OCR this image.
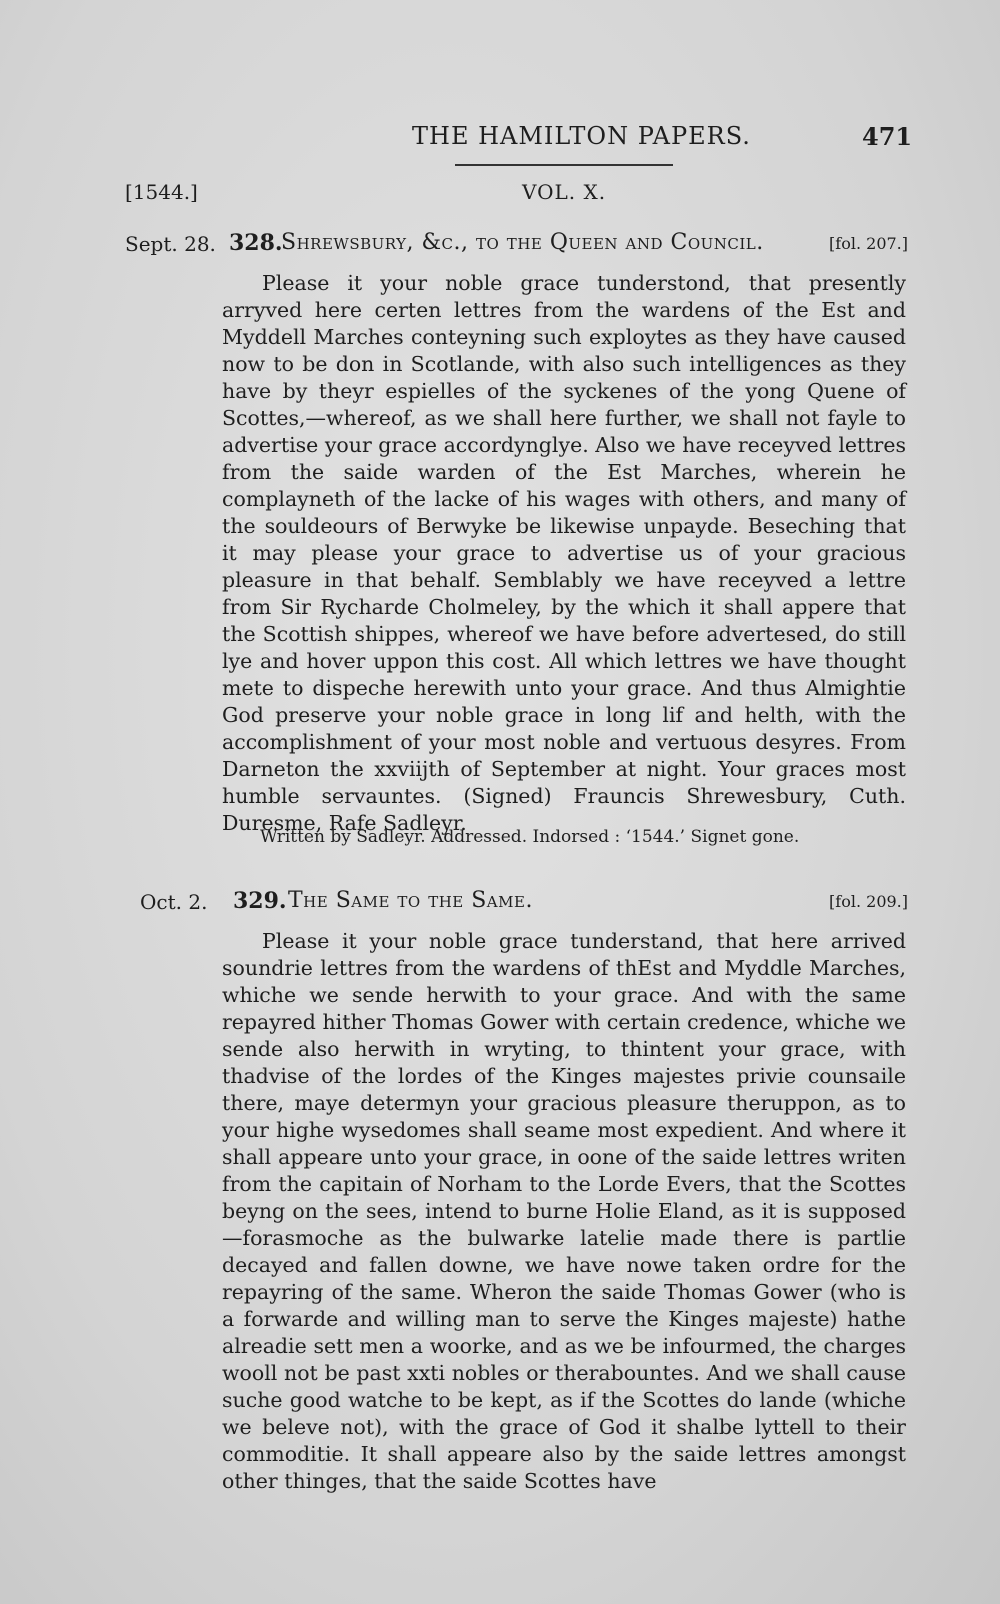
THE HAMILTON PAPERS.	471
[1544.]	VOL. X.
Sept. 28. 328.
Shrewsbury, &c., to the Queen and Council.	[fol. 207.]

Please it your noble grace tunderstond, that presently arryved here certen lettres from the wardens of the Est and Myddell Marches conteyning such exploytes as they have caused now to be don in Scotlande, with also such intelligences as they have by theyr espielles of the syckenes of the yong Quene of Scottes,—whereof, as we shall here further, we shall not fayle to advertise your grace accordynglye. Also we have receyved lettres from the saide warden of the Est Marches, wherein he complayneth of the lacke of his wages with others, and many of the souldeours of Berwyke be likewise unpayde. Beseching that it may please your grace to advertise us of your gracious pleasure in that behalf. Semblably we have receyved a lettre from Sir Rycharde Cholmeley, by the which it shall appere that the Scottish shippes, whereof we have before advertesed, do still lye and hover uppon this cost. All which lettres we have thought mete to dispeche herewith unto your grace. And thus Almightie God preserve your noble grace in long lif and helth, with the accomplishment of your most noble and vertuous desyres. From Darneton the xxviijth of September at night. Your graces most humble servauntes. (Signed) Frauncis Shrewesbury, Cuth. Duresme, Rafe Sadleyr.

Written by Sadleyr. Addressed. Indorsed : ‘1544.’ Signet gone.

Oct. 2. 329. The Same to the Same.	[fol. 209.]

Please it your noble grace tunderstand, that here arrived soundrie lettres from the wardens of thEst and Myddle Marches, whiche we sende herwith to your grace. And with the same repayred hither Thomas Gower with certain credence, whiche we sende also herwith in wryting, to thintent your grace, with thadvise of the lordes of the Kinges majestes privie counsaile there, maye determyn your gracious pleasure theruppon, as to your highe wysedomes shall seame most expedient. And where it shall appeare unto your grace, in oone of the saide lettres writen from the capitain of Norham to the Lorde Evers, that the Scottes beyng on the sees, intend to burne Holie Eland, as it is supposed—forasmoche as the bulwarke latelie made there is partlie decayed and fallen downe, we have nowe taken ordre for the repayring of the same. Wheron the saide Thomas Gower (who is a forwarde and willing man to serve the Kinges majeste) hathe alreadie sett men a woorke, and as we be infourmed, the charges wooll not be past xxti nobles or therabountes. And we shall cause suche good watche to be kept, as if the Scottes do lande (whiche we beleve not), with the grace of God it shalbe lyttell to their commoditie. It shall appeare also by the saide lettres amongst other thinges, that the saide Scottes have
